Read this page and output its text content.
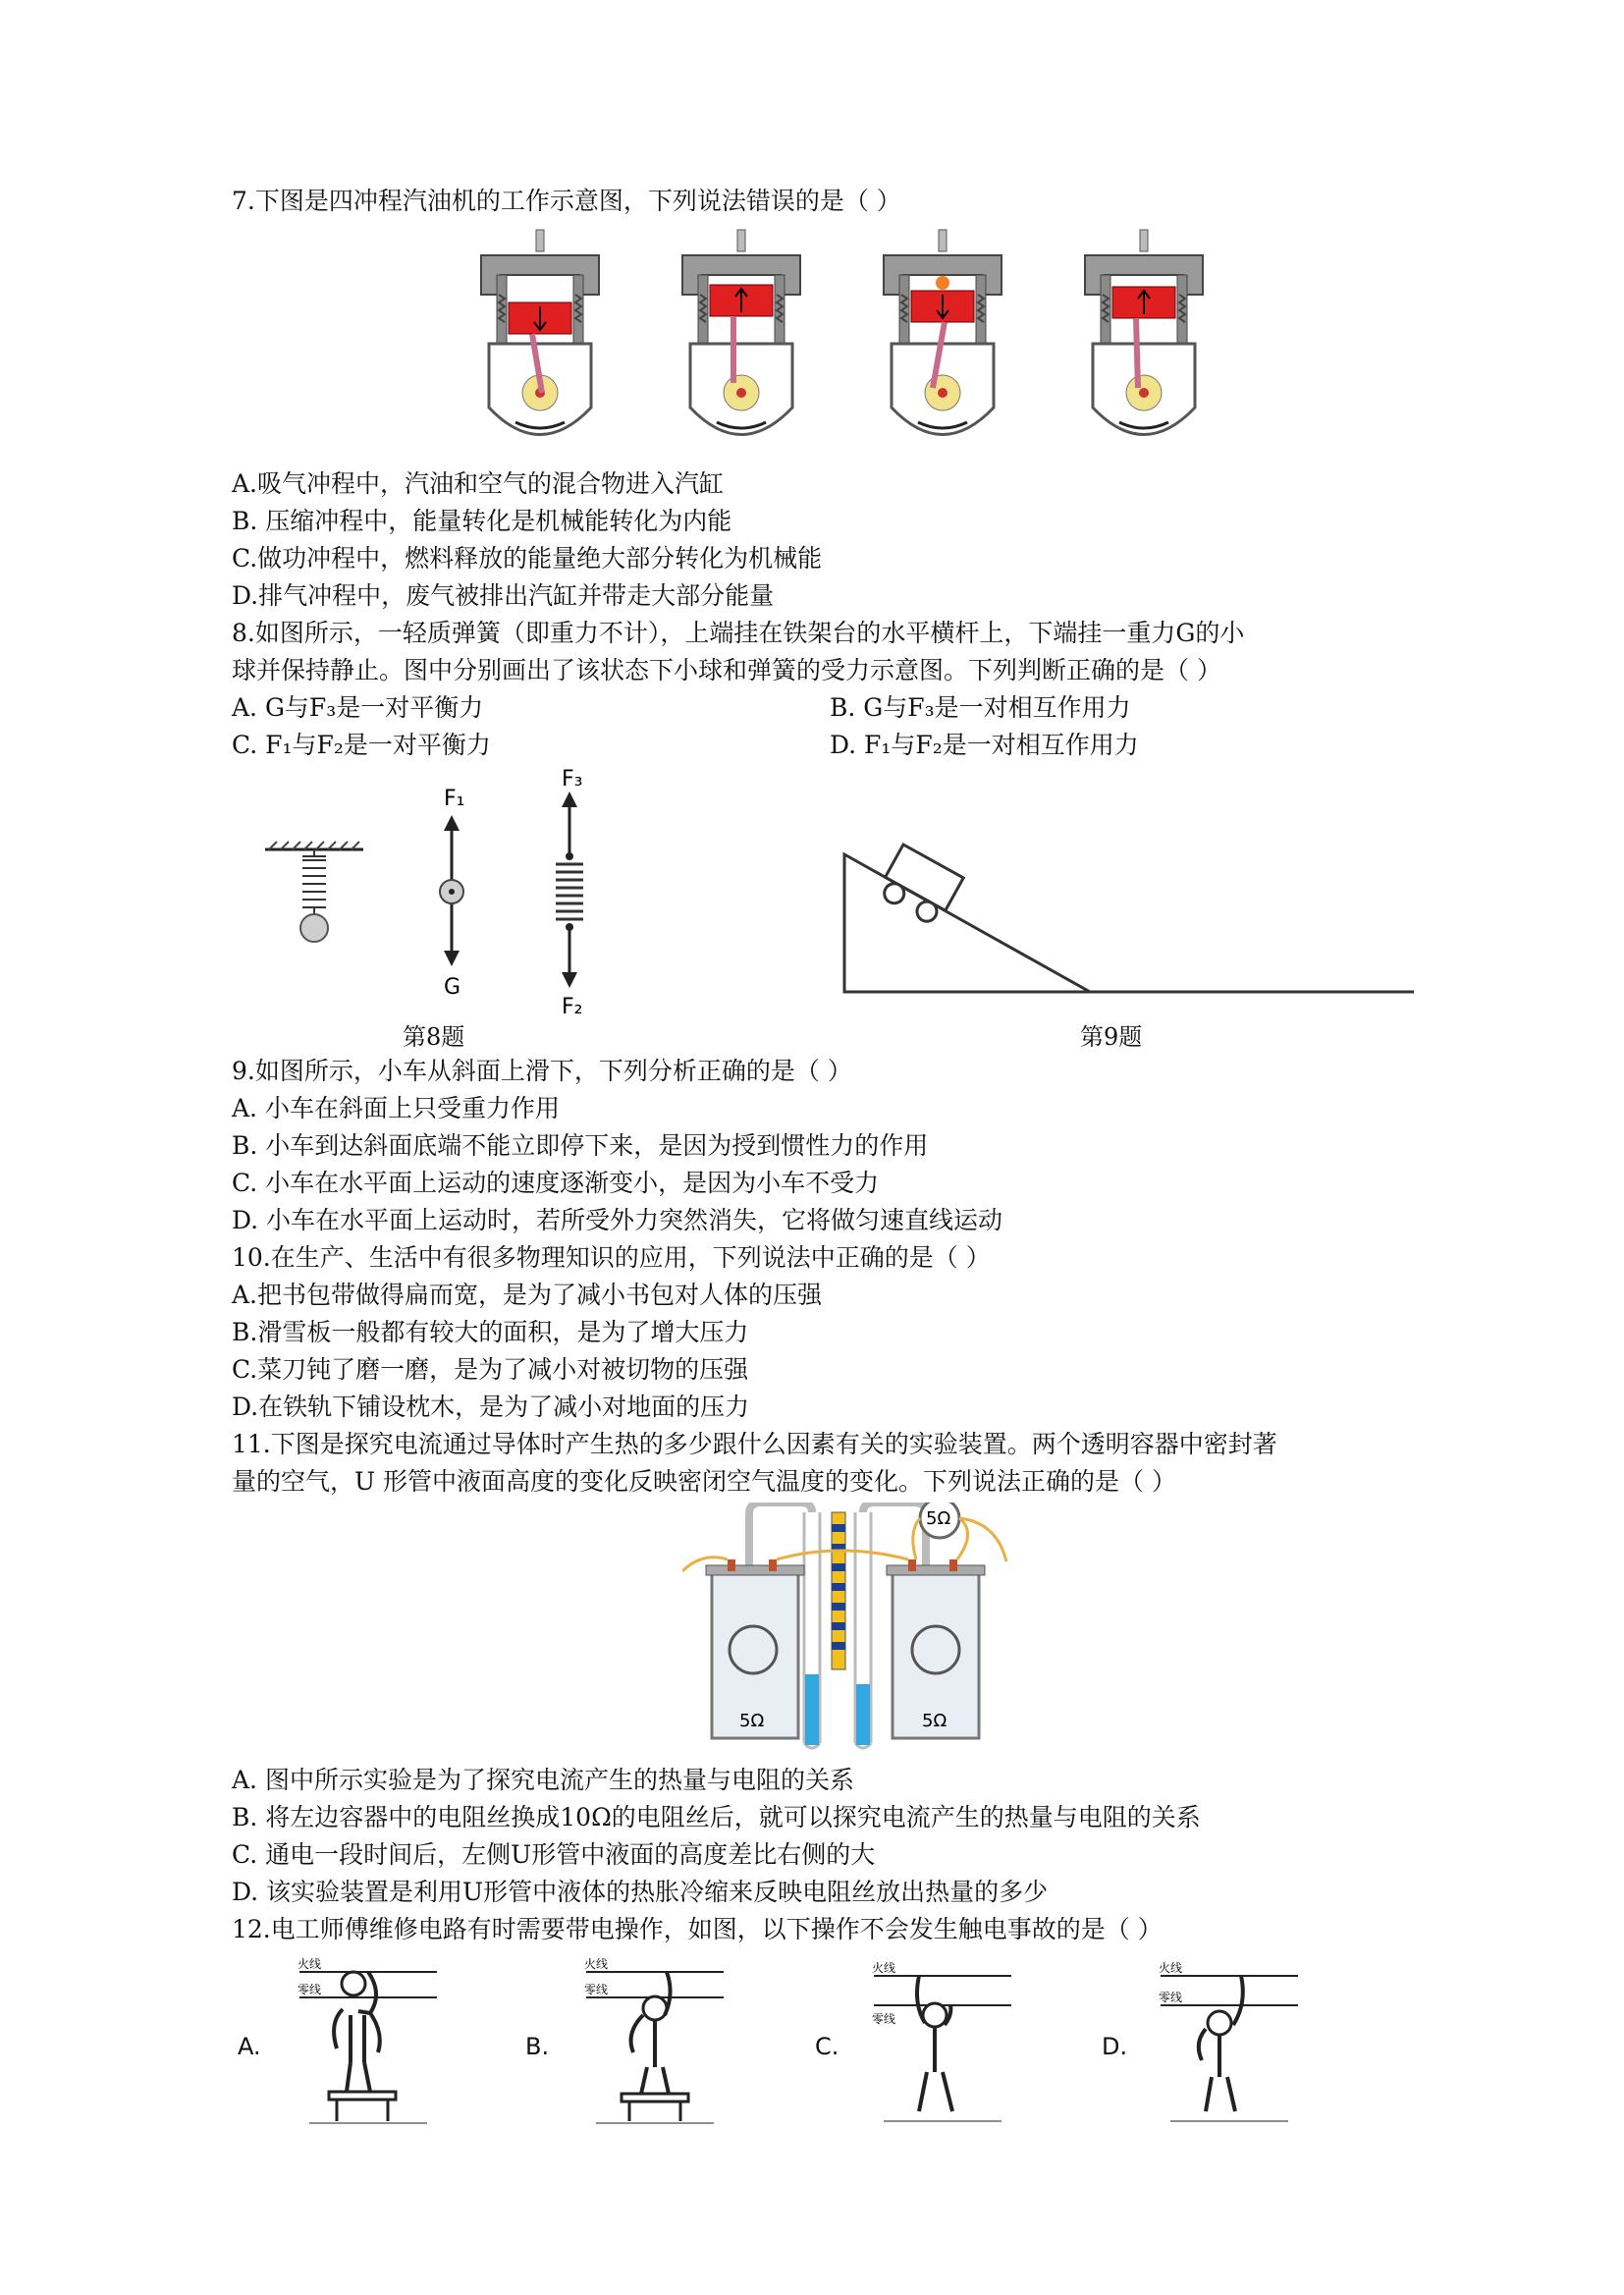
7.下图是四冲程汽油机的工作示意图，下列说法错误的是（ ）
A.吸气冲程中，汽油和空气的混合物进入汽缸
B. 压缩冲程中，能量转化是机械能转化为内能
C.做功冲程中，燃料释放的能量绝大部分转化为机械能
D.排气冲程中，废气被排出汽缸并带走大部分能量
8.如图所示，一轻质弹簧（即重力不计），上端挂在铁架台的水平横杆上，下端挂一重力G的小
球并保持静止。图中分别画出了该状态下小球和弹簧的受力示意图。下列判断正确的是（ ）
A. G与F₃是一对平衡力	B. G与F₃是一对相互作用力
C. F₁与F₂是一对平衡力	D. F₁与F₂是一对相互作用力
F₁
G
F₃
F₂
第8题	第9题
9.如图所示，小车从斜面上滑下，下列分析正确的是（ ）
A. 小车在斜面上只受重力作用
B. 小车到达斜面底端不能立即停下来，是因为授到惯性力的作用
C. 小车在水平面上运动的速度逐渐变小，是因为小车不受力
D. 小车在水平面上运动时，若所受外力突然消失，它将做匀速直线运动
10.在生产、生活中有很多物理知识的应用，下列说法中正确的是（ ）
A.把书包带做得扁而宽，是为了减小书包对人体的压强
B.滑雪板一般都有较大的面积，是为了增大压力
C.菜刀钝了磨一磨，是为了减小对被切物的压强
D.在铁轨下铺设枕木，是为了减小对地面的压力
11.下图是探究电流通过导体时产生热的多少跟什么因素有关的实验装置。两个透明容器中密封著
量的空气，U 形管中液面高度的变化反映密闭空气温度的变化。下列说法正确的是（ ）
5Ω
5Ω	5Ω
A. 图中所示实验是为了探究电流产生的热量与电阻的关系
B. 将左边容器中的电阻丝换成10Ω的电阻丝后，就可以探究电流产生的热量与电阻的关系
C. 通电一段时间后，左侧U形管中液面的高度差比右侧的大
D. 该实验装置是利用U形管中液体的热胀冷缩来反映电阻丝放出热量的多少
12.电工师傅维修电路有时需要带电操作，如图，以下操作不会发生触电事故的是（ ）
A.	B.	C.	D.
火线
零线
火线
零线
火线
零线
火线
零线
